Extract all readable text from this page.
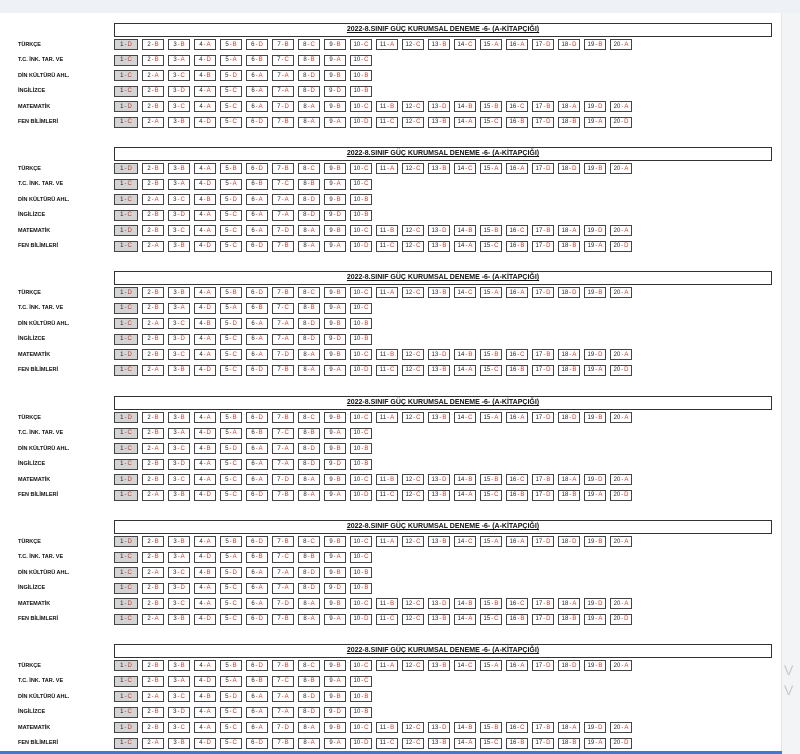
2022-8.SINIF GÜÇ KURUMSAL DENEME -6- (A-KİTAPÇIĞI)
TÜRKÇE	1 - D	2 - B 3 - B 4 - A 5 - B 6 - D 7 - B 8 - C 9 - B 10 - C 11 - A 12 - C 13 - B 14 - C 15 - A 16 - A 17 - D 18 - D 19 - B 20 - A
T.C. İNK. TAR. VE	1 - C	2 - B 3 - A 4 - D 5 - A 6 - B 7 - C 8 - B 9 - A 10 - C
DİN KÜLTÜRÜ AHL.	1 - C	2 - A 3 - C 4 - B 5 - D 6 - A 7 - A 8 - D 9 - B 10 - B
İNGİLİZCE	1 - C	2 - B 3 - D 4 - A 5 - C 6 - A 7 - A 8 - D 9 - D 10 - B
MATEMATİK	1 - D	2 - B 3 - C 4 - A 5 - C 6 - A 7 - D 8 - A 9 - B 10 - C 11 - B 12 - C 13 - D 14 - B 15 - B 16 - C 17 - B 18 - A 19 - D 20 - A
FEN BİLİMLERİ	1 - C	2 - A 3 - B 4 - D 5 - C 6 - D 7 - B 8 - A 9 - A 10 - D 11 - C 12 - C 13 - B 14 - A 15 - C 16 - B 17 - D 18 - B 19 - A 20 - D
2022-8.SINIF GÜÇ KURUMSAL DENEME -6- (A-KİTAPÇIĞI)
TÜRKÇE	1 - D	2 - B 3 - B 4 - A 5 - B 6 - D 7 - B 8 - C 9 - B 10 - C 11 - A 12 - C 13 - B 14 - C 15 - A 16 - A 17 - D 18 - D 19 - B 20 - A
T.C. İNK. TAR. VE	1 - C	2 - B 3 - A 4 - D 5 - A 6 - B 7 - C 8 - B 9 - A 10 - C
DİN KÜLTÜRÜ AHL.	1 - C	2 - A 3 - C 4 - B 5 - D 6 - A 7 - A 8 - D 9 - B 10 - B
İNGİLİZCE	1 - C	2 - B 3 - D 4 - A 5 - C 6 - A 7 - A 8 - D 9 - D 10 - B
MATEMATİK	1 - D	2 - B 3 - C 4 - A 5 - C 6 - A 7 - D 8 - A 9 - B 10 - C 11 - B 12 - C 13 - D 14 - B 15 - B 16 - C 17 - B 18 - A 19 - D 20 - A
FEN BİLİMLERİ	1 - C	2 - A 3 - B 4 - D 5 - C 6 - D 7 - B 8 - A 9 - A 10 - D 11 - C 12 - C 13 - B 14 - A 15 - C 16 - B 17 - D 18 - B 19 - A 20 - D
2022-8.SINIF GÜÇ KURUMSAL DENEME -6- (A-KİTAPÇIĞI)
TÜRKÇE	1 - D	2 - B 3 - B 4 - A 5 - B 6 - D 7 - B 8 - C 9 - B 10 - C 11 - A 12 - C 13 - B 14 - C 15 - A 16 - A 17 - D 18 - D 19 - B 20 - A
T.C. İNK. TAR. VE	1 - C	2 - B 3 - A 4 - D 5 - A 6 - B 7 - C 8 - B 9 - A 10 - C
DİN KÜLTÜRÜ AHL.	1 - C	2 - A 3 - C 4 - B 5 - D 6 - A 7 - A 8 - D 9 - B 10 - B
İNGİLİZCE	1 - C	2 - B 3 - D 4 - A 5 - C 6 - A 7 - A 8 - D 9 - D 10 - B
MATEMATİK	1 - D	2 - B 3 - C 4 - A 5 - C 6 - A 7 - D 8 - A 9 - B 10 - C 11 - B 12 - C 13 - D 14 - B 15 - B 16 - C 17 - B 18 - A 19 - D 20 - A
FEN BİLİMLERİ	1 - C	2 - A 3 - B 4 - D 5 - C 6 - D 7 - B 8 - A 9 - A 10 - D 11 - C 12 - C 13 - B 14 - A 15 - C 16 - B 17 - D 18 - B 19 - A 20 - D
2022-8.SINIF GÜÇ KURUMSAL DENEME -6- (A-KİTAPÇIĞI)
TÜRKÇE	1 - D	2 - B 3 - B 4 - A 5 - B 6 - D 7 - B 8 - C 9 - B 10 - C 11 - A 12 - C 13 - B 14 - C 15 - A 16 - A 17 - D 18 - D 19 - B 20 - A
T.C. İNK. TAR. VE	1 - C	2 - B 3 - A 4 - D 5 - A 6 - B 7 - C 8 - B 9 - A 10 - C
DİN KÜLTÜRÜ AHL.	1 - C	2 - A 3 - C 4 - B 5 - D 6 - A 7 - A 8 - D 9 - B 10 - B
İNGİLİZCE	1 - C	2 - B 3 - D 4 - A 5 - C 6 - A 7 - A 8 - D 9 - D 10 - B
MATEMATİK	1 - D	2 - B 3 - C 4 - A 5 - C 6 - A 7 - D 8 - A 9 - B 10 - C 11 - B 12 - C 13 - D 14 - B 15 - B 16 - C 17 - B 18 - A 19 - D 20 - A
FEN BİLİMLERİ	1 - C	2 - A 3 - B 4 - D 5 - C 6 - D 7 - B 8 - A 9 - A 10 - D 11 - C 12 - C 13 - B 14 - A 15 - C 16 - B 17 - D 18 - B 19 - A 20 - D
2022-8.SINIF GÜÇ KURUMSAL DENEME -6- (A-KİTAPÇIĞI)
TÜRKÇE	1 - D	2 - B 3 - B 4 - A 5 - B 6 - D 7 - B 8 - C 9 - B 10 - C 11 - A 12 - C 13 - B 14 - C 15 - A 16 - A 17 - D 18 - D 19 - B 20 - A
T.C. İNK. TAR. VE	1 - C	2 - B 3 - A 4 - D 5 - A 6 - B 7 - C 8 - B 9 - A 10 - C
DİN KÜLTÜRÜ AHL.	1 - C	2 - A 3 - C 4 - B 5 - D 6 - A 7 - A 8 - D 9 - B 10 - B
İNGİLİZCE	1 - C	2 - B 3 - D 4 - A 5 - C 6 - A 7 - A 8 - D 9 - D 10 - B
MATEMATİK	1 - D	2 - B 3 - C 4 - A 5 - C 6 - A 7 - D 8 - A 9 - B 10 - C 11 - B 12 - C 13 - D 14 - B 15 - B 16 - C 17 - B 18 - A 19 - D 20 - A
FEN BİLİMLERİ	1 - C	2 - A 3 - B 4 - D 5 - C 6 - D 7 - B 8 - A 9 - A 10 - D 11 - C 12 - C 13 - B 14 - A 15 - C 16 - B 17 - D 18 - B 19 - A 20 - D
2022-8.SINIF GÜÇ KURUMSAL DENEME -6- (A-KİTAPÇIĞI)
TÜRKÇE	1 - D	2 - B 3 - B 4 - A 5 - B 6 - D 7 - B 8 - C 9 - B 10 - C 11 - A 12 - C 13 - B 14 - C 15 - A 16 - A 17 - D 18 - D 19 - B 20 - A
T.C. İNK. TAR. VE	1 - C	2 - B 3 - A 4 - D 5 - A 6 - B 7 - C 8 - B 9 - A 10 - C
DİN KÜLTÜRÜ AHL.	1 - C	2 - A 3 - C 4 - B 5 - D 6 - A 7 - A 8 - D 9 - B 10 - B
İNGİLİZCE	1 - C	2 - B 3 - D 4 - A 5 - C 6 - A 7 - A 8 - D 9 - D 10 - B
MATEMATİK	1 - D	2 - B 3 - C 4 - A 5 - C 6 - A 7 - D 8 - A 9 - B 10 - C 11 - B 12 - C 13 - D 14 - B 15 - B 16 - C 17 - B 18 - A 19 - D 20 - A
FEN BİLİMLERİ	1 - C	2 - A 3 - B 4 - D 5 - C 6 - D 7 - B 8 - A 9 - A 10 - D 11 - C 12 - C 13 - B 14 - A 15 - C 16 - B 17 - D 18 - B 19 - A 20 - D
V
V
